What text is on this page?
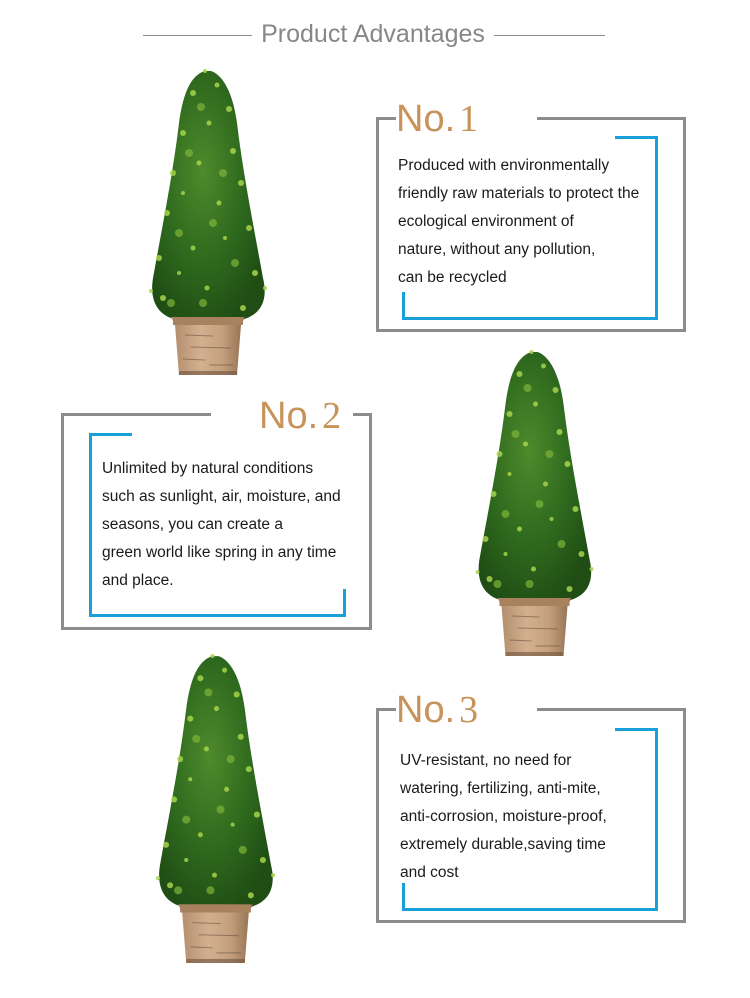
Product Advantages
No. 1
Produced with environmentally
friendly raw materials to protect the
ecological environment of
nature, without any pollution,
can be recycled
No. 2
Unlimited by natural conditions
such as sunlight, air, moisture, and
seasons, you can create a
green world like spring in any time
and place.
No. 3
UV-resistant, no need for
watering, fertilizing, anti-mite,
anti-corrosion, moisture-proof,
extremely durable,saving time
and cost
